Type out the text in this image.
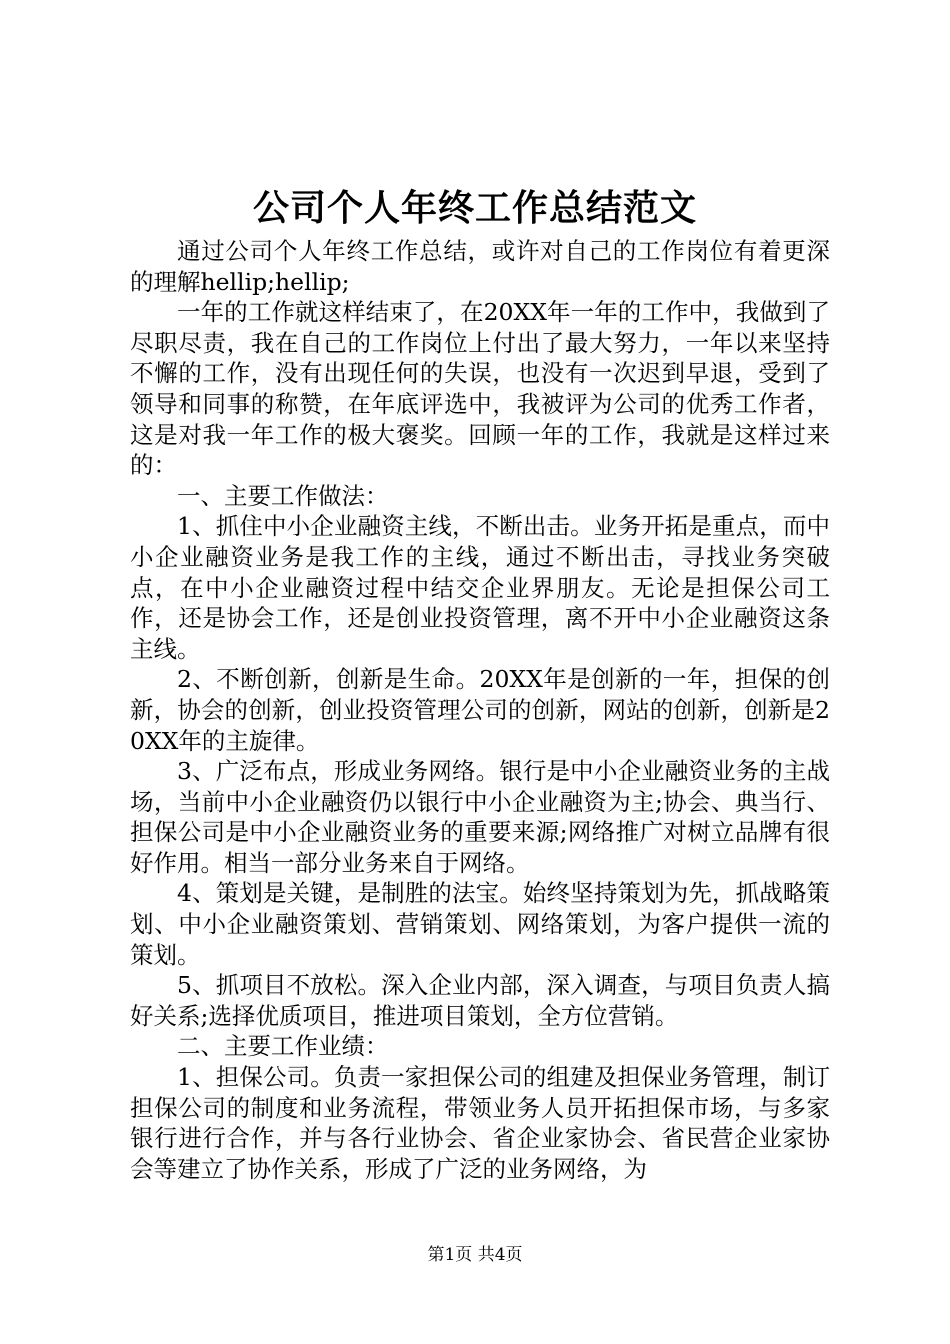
公司个人年终工作总结范文

通过公司个人年终工作总结，或许对自己的工作岗位有着更深的理解hellip;hellip;

一年的工作就这样结束了，在20XX年一年的工作中，我做到了尽职尽责，我在自己的工作岗位上付出了最大努力，一年以来坚持不懈的工作，没有出现任何的失误，也没有一次迟到早退，受到了领导和同事的称赞，在年底评选中，我被评为公司的优秀工作者，这是对我一年工作的极大褒奖。回顾一年的工作，我就是这样过来的：

一、主要工作做法：

1、抓住中小企业融资主线，不断出击。业务开拓是重点，而中小企业融资业务是我工作的主线，通过不断出击，寻找业务突破点，在中小企业融资过程中结交企业界朋友。无论是担保公司工作，还是协会工作，还是创业投资管理，离不开中小企业融资这条主线。

2、不断创新，创新是生命。20XX年是创新的一年，担保的创新，协会的创新，创业投资管理公司的创新，网站的创新，创新是20XX年的主旋律。

3、广泛布点，形成业务网络。银行是中小企业融资业务的主战场，当前中小企业融资仍以银行中小企业融资为主;协会、典当行、担保公司是中小企业融资业务的重要来源;网络推广对树立品牌有很好作用。相当一部分业务来自于网络。

4、策划是关键，是制胜的法宝。始终坚持策划为先，抓战略策划、中小企业融资策划、营销策划、网络策划，为客户提供一流的策划。

5、抓项目不放松。深入企业内部，深入调查，与项目负责人搞好关系;选择优质项目，推进项目策划，全方位营销。

二、主要工作业绩：

1、担保公司。负责一家担保公司的组建及担保业务管理，制订担保公司的制度和业务流程，带领业务人员开拓担保市场，与多家银行进行合作，并与各行业协会、省企业家协会、省民营企业家协会等建立了协作关系，形成了广泛的业务网络，为

第1页 共4页
